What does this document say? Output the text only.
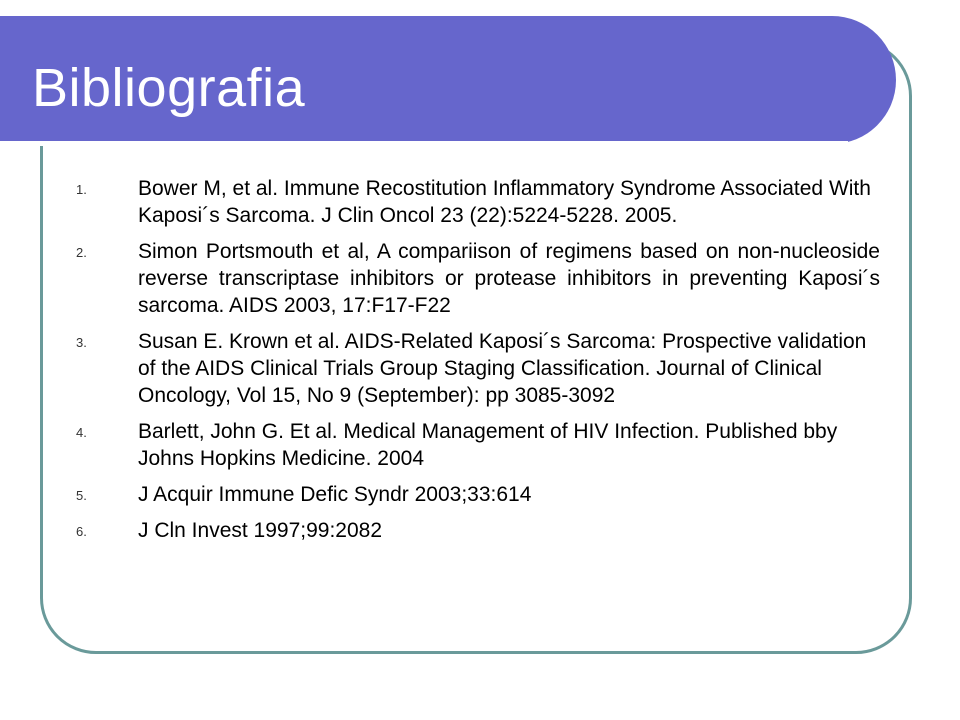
Bibliografia
1. Bower M, et al. Immune Recostitution Inflammatory Syndrome Associated With Kaposi´s Sarcoma. J Clin Oncol 23 (22):5224-5228. 2005.
2. Simon Portsmouth et al, A compariison of regimens based on non-nucleoside reverse transcriptase inhibitors or protease inhibitors in preventing Kaposi´s sarcoma. AIDS 2003, 17:F17-F22
3. Susan E. Krown et al. AIDS-Related Kaposi´s Sarcoma: Prospective validation of the AIDS Clinical Trials Group Staging Classification. Journal of Clinical Oncology, Vol 15, No 9 (September): pp 3085-3092
4. Barlett, John G. Et al. Medical Management of HIV Infection. Published bby Johns Hopkins Medicine. 2004
5. J Acquir Immune Defic Syndr 2003;33:614
6. J Cln Invest 1997;99:2082
